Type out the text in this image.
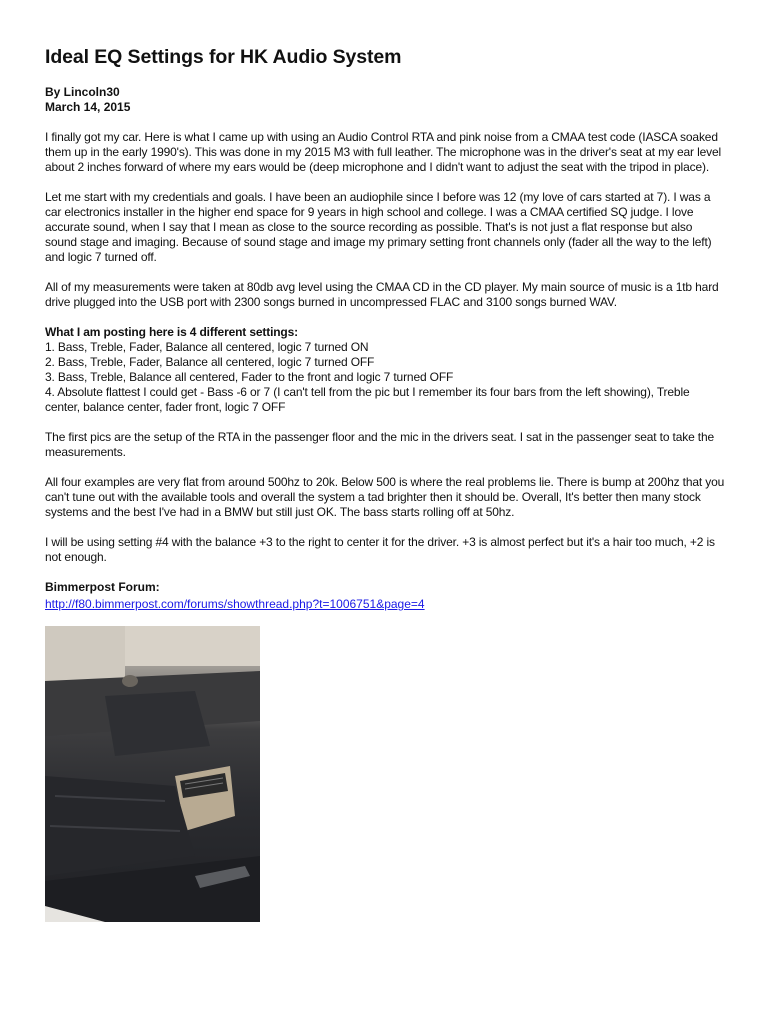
Ideal EQ Settings for HK Audio System
By Lincoln30
March 14, 2015

I finally got my car. Here is what I came up with using an Audio Control RTA and pink noise from a CMAA test code (IASCA soaked them up in the early 1990's). This was done in my 2015 M3 with full leather. The microphone was in the driver's seat at my ear level about 2 inches forward of where my ears would be (deep microphone and I didn't want to adjust the seat with the tripod in place).

Let me start with my credentials and goals. I have been an audiophile since I before was 12 (my love of cars started at 7). I was a car electronics installer in the higher end space for 9 years in high school and college. I was a CMAA certified SQ judge. I love accurate sound, when I say that I mean as close to the source recording as possible. That's is not just a flat response but also sound stage and imaging. Because of sound stage and image my primary setting front channels only (fader all the way to the left) and logic 7 turned off.

All of my measurements were taken at 80db avg level using the CMAA CD in the CD player. My main source of music is a 1tb hard drive plugged into the USB port with 2300 songs burned in uncompressed FLAC and 3100 songs burned WAV.

What I am posting here is 4 different settings:
1. Bass, Treble, Fader, Balance all centered, logic 7 turned ON
2. Bass, Treble, Fader, Balance all centered, logic 7 turned OFF
3. Bass, Treble, Balance all centered, Fader to the front and logic 7 turned OFF
4. Absolute flattest I could get - Bass -6 or 7 (I can't tell from the pic but I remember its four bars from the left showing), Treble center, balance center, fader front, logic 7 OFF

The first pics are the setup of the RTA in the passenger floor and the mic in the drivers seat. I sat in the passenger seat to take the measurements.

All four examples are very flat from around 500hz to 20k. Below 500 is where the real problems lie. There is bump at 200hz that you can't tune out with the available tools and overall the system a tad brighter then it should be. Overall, It's better then many stock systems and the best I've had in a BMW but still just OK. The bass starts rolling off at 50hz.

I will be using setting #4 with the balance +3 to the right to center it for the driver. +3 is almost perfect but it's a hair too much, +2 is not enough.

Bimmerpost Forum:
http://f80.bimmerpost.com/forums/showthread.php?t=1006751&page=4
